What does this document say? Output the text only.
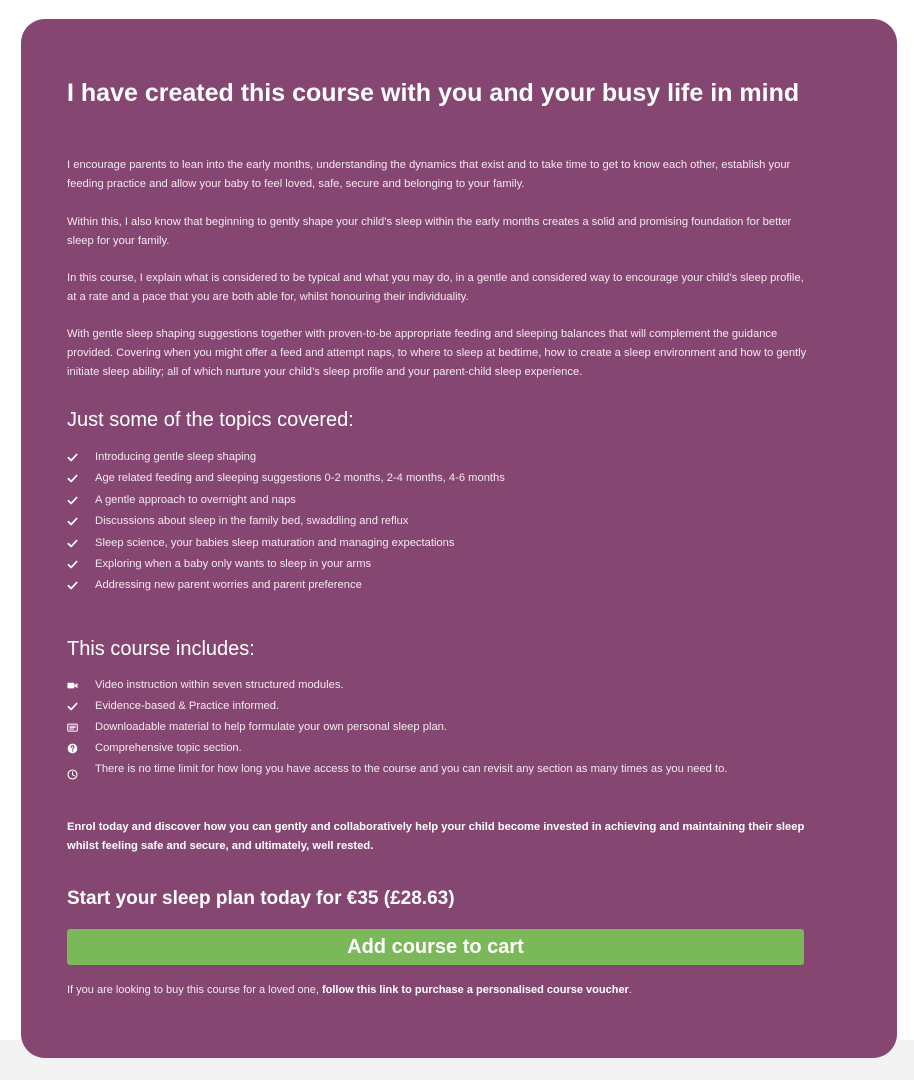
I have created this course with you and your busy life in mind

I encourage parents to lean into the early months, understanding the dynamics that exist and to take time to get to know each other, establish your feeding practice and allow your baby to feel loved, safe, secure and belonging to your family.

Within this, I also know that beginning to gently shape your child’s sleep within the early months creates a solid and promising foundation for better sleep for your family.

In this course, I explain what is considered to be typical and what you may do, in a gentle and considered way to encourage your child’s sleep profile, at a rate and a pace that you are both able for, whilst honouring their individuality.

With gentle sleep shaping suggestions together with proven-to-be appropriate feeding and sleeping balances that will complement the guidance provided. Covering when you might offer a feed and attempt naps, to where to sleep at bedtime, how to create a sleep environment and how to gently initiate sleep ability; all of which nurture your child’s sleep profile and your parent-child sleep experience.

Just some of the topics covered:
Introducing gentle sleep shaping
Age related feeding and sleeping suggestions 0-2 months, 2-4 months, 4-6 months
A gentle approach to overnight and naps
Discussions about sleep in the family bed, swaddling and reflux
Sleep science, your babies sleep maturation and managing expectations
Exploring when a baby only wants to sleep in your arms
Addressing new parent worries and parent preference
This course includes:
Video instruction within seven structured modules.
Evidence-based & Practice informed.
Downloadable material to help formulate your own personal sleep plan.
Comprehensive topic section.
There is no time limit for how long you have access to the course and you can revisit any section as many times as you need to.

Enrol today and discover how you can gently and collaboratively help your child become invested in achieving and maintaining their sleep whilst feeling safe and secure, and ultimately, well rested.

Start your sleep plan today for €35 (£28.63)
Add course to cart

If you are looking to buy this course for a loved one, follow this link to purchase a personalised course voucher.
